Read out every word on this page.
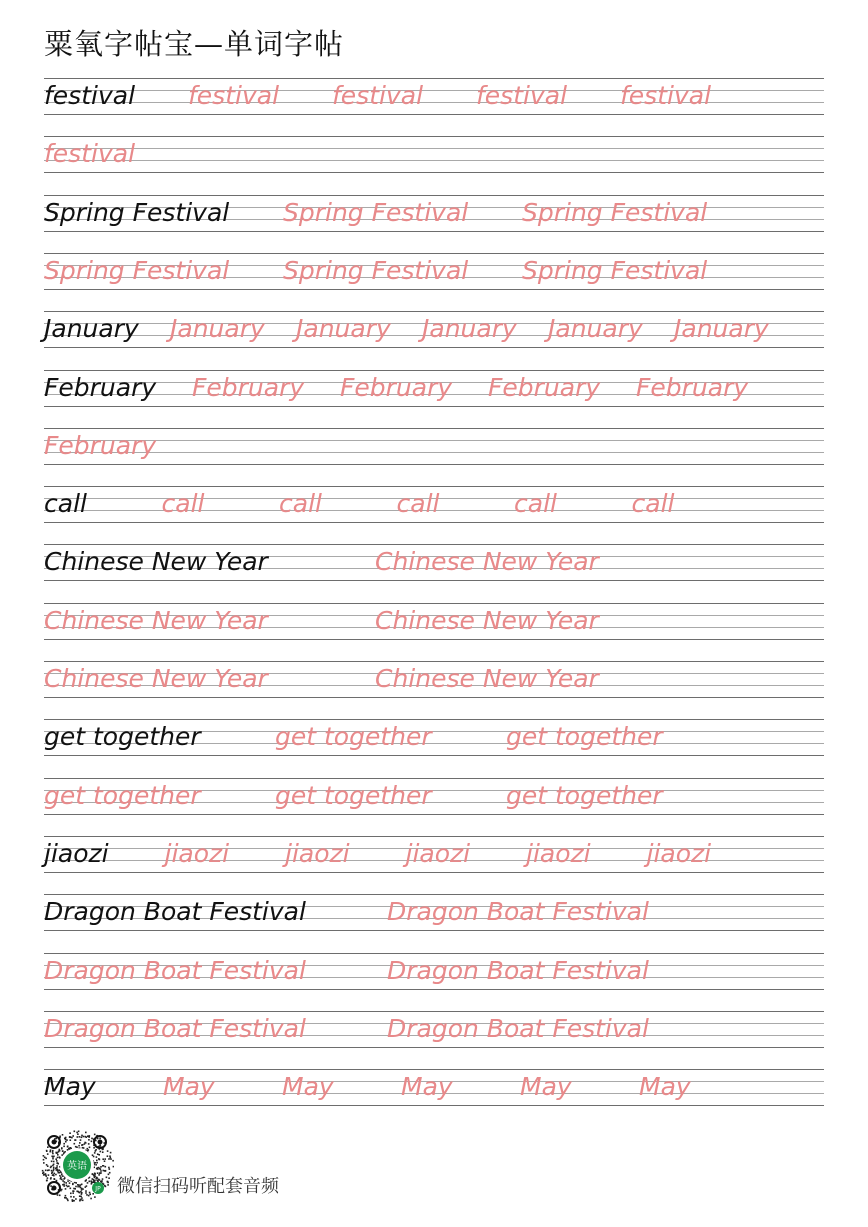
粟氧字帖宝—单词字帖
festival festival festival festival festival
festival
Spring Festival Spring Festival Spring Festival
Spring Festival Spring Festival Spring Festival
January January January January January January
February February February February February
February
call	call	call	call	call	call
Chinese New Year	Chinese New Year
Chinese New Year	Chinese New Year
Chinese New Year	Chinese New Year
get together	get together	get together
get together	get together	get together
jiaozi jiaozi jiaozi jiaozi jiaozi jiaozi
Dragon Boat Festival	Dragon Boat Festival
Dragon Boat Festival	Dragon Boat Festival
Dragon Boat Festival	Dragon Boat Festival
May	May	May	May	May	May
英语
JP 微信扫码听配套音频
